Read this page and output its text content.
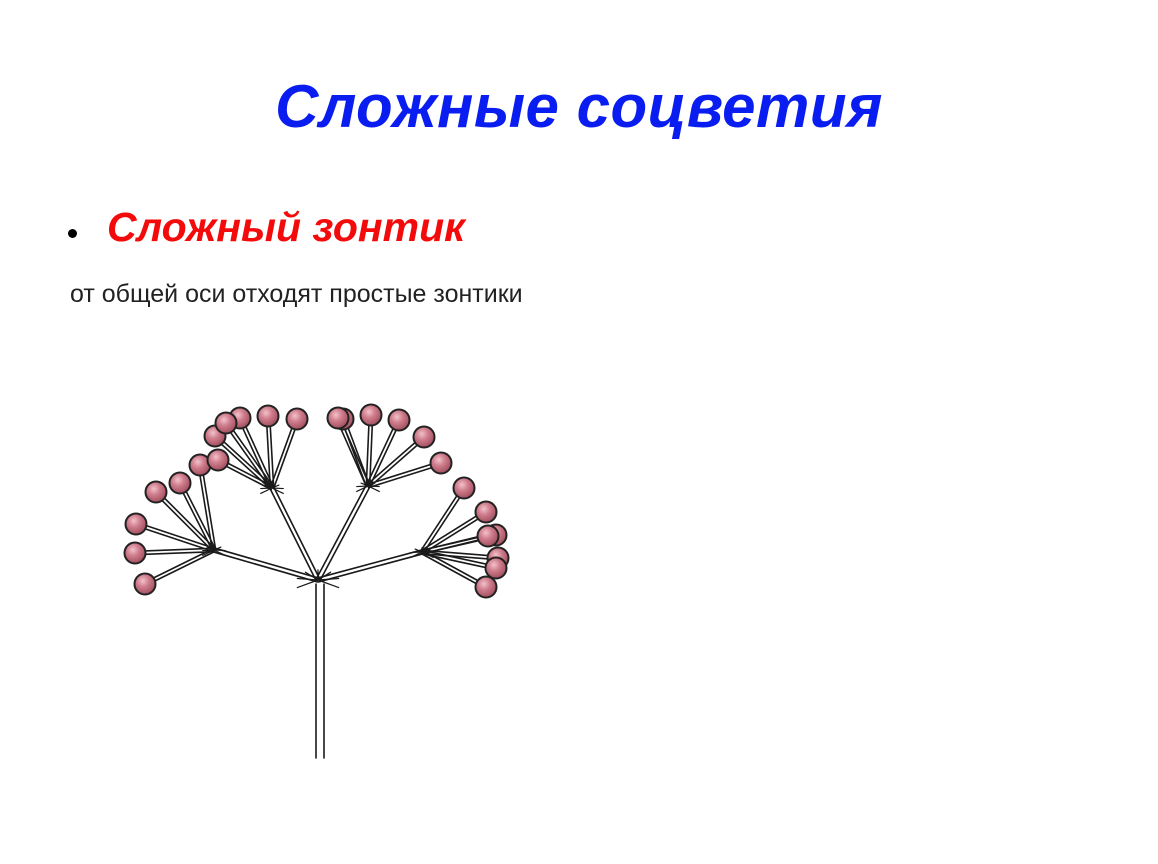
Сложные соцветия
Сложный зонтик
от общей оси отходят простые зонтики
